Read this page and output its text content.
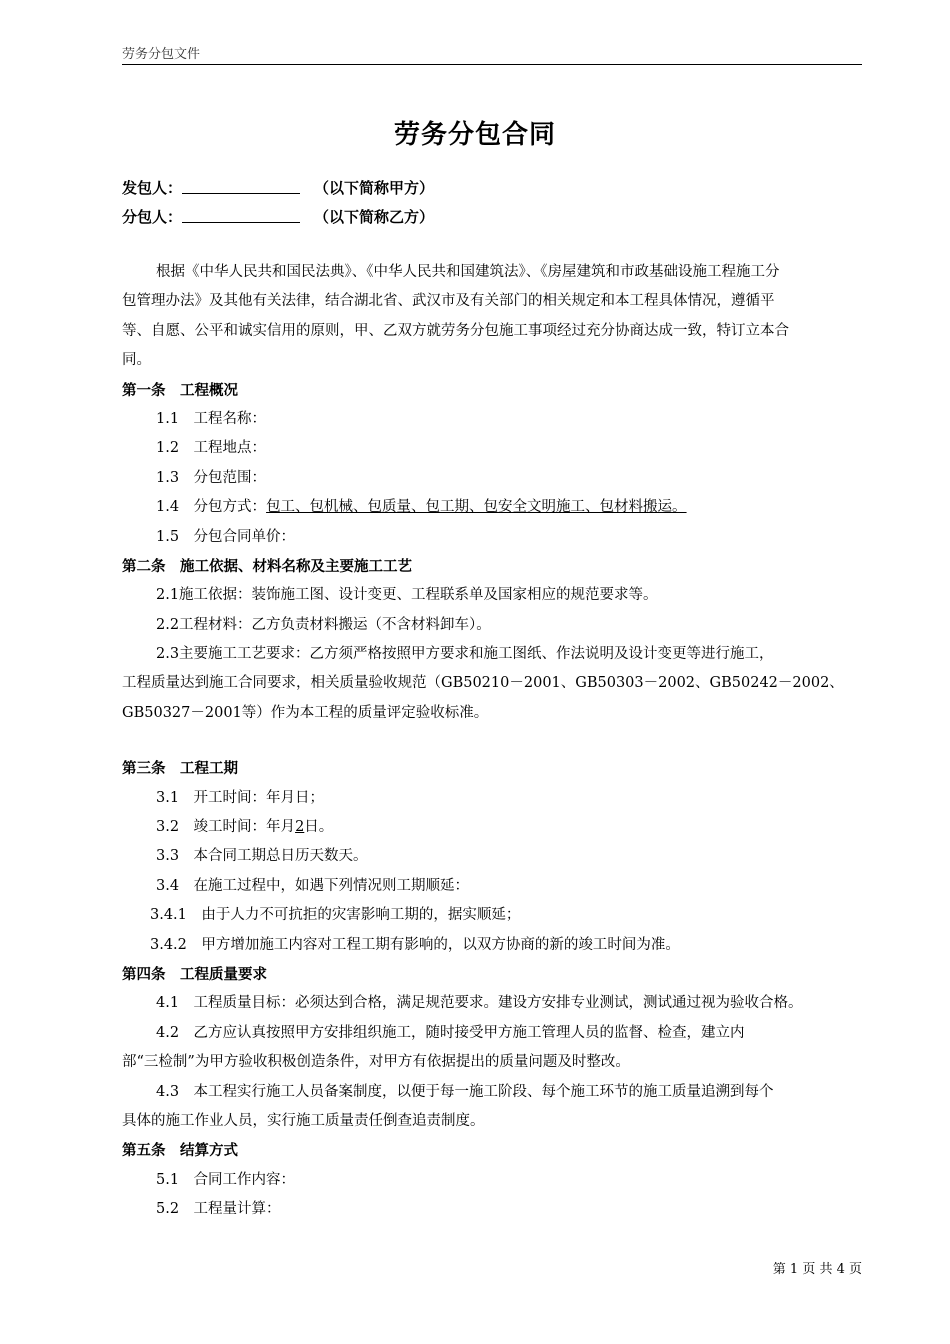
劳务分包文件
劳务分包合同
发包人：	（以下简称甲方）
分包人：	（以下简称乙方）
根据《中华人民共和国民法典》、《中华人民共和国建筑法》、《房屋建筑和市政基础设施工程施工分
包管理办法》及其他有关法律，结合湖北省、武汉市及有关部门的相关规定和本工程具体情况，遵循平
等、自愿、公平和诚实信用的原则，甲、乙双方就劳务分包施工事项经过充分协商达成一致，特订立本合
同。
第一条　工程概况
1.1　工程名称：
1.2　工程地点：
1.3　分包范围：
1.4　分包方式：包工、包机械、包质量、包工期、包安全文明施工、包材料搬运。
1.5　分包合同单价：
第二条　施工依据、材料名称及主要施工工艺
2.1施工依据：装饰施工图、设计变更、工程联系单及国家相应的规范要求等。
2.2工程材料：乙方负责材料搬运（不含材料卸车）。
2.3主要施工工艺要求：乙方须严格按照甲方要求和施工图纸、作法说明及设计变更等进行施工，
工程质量达到施工合同要求，相关质量验收规范（GB50210－2001、GB50303－2002、GB50242－2002、
GB50327－2001等）作为本工程的质量评定验收标准。
第三条　工程工期
3.1　开工时间：年月日；
3.2　竣工时间：年月2日。
3.3　本合同工期总日历天数天。
3.4　在施工过程中，如遇下列情况则工期顺延：
3.4.1　由于人力不可抗拒的灾害影响工期的，据实顺延；
3.4.2　甲方增加施工内容对工程工期有影响的，以双方协商的新的竣工时间为准。
第四条　工程质量要求
4.1　工程质量目标：必须达到合格，满足规范要求。建设方安排专业测试，测试通过视为验收合格。
4.2　乙方应认真按照甲方安排组织施工，随时接受甲方施工管理人员的监督、检查，建立内
部“三检制”为甲方验收积极创造条件，对甲方有依据提出的质量问题及时整改。
4.3　本工程实行施工人员备案制度，以便于每一施工阶段、每个施工环节的施工质量追溯到每个
具体的施工作业人员，实行施工质量责任倒查追责制度。
第五条　结算方式
5.1　合同工作内容：
5.2　工程量计算：
第 1 页 共 4 页
